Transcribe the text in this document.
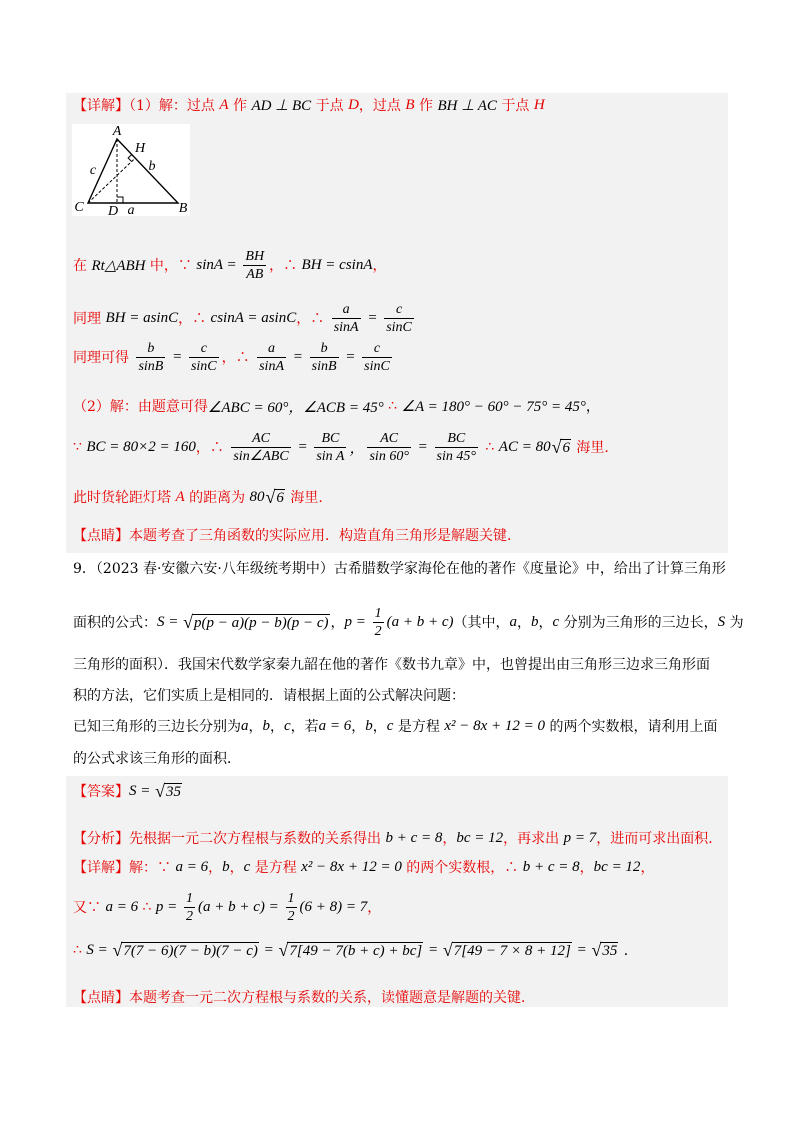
【详解】（1）解：过点 A 作 AD ⊥ BC 于点 D ，过点 B 作 BH ⊥ AC 于点 H
A
H
c	b
C D a	B
在 Rt△ABH 中，∵ $\sin A = \frac{BH}{AB}$ ，∴ BH = csinA ，
同理 BH = asinC ，∴ csinA = asinC ，∴ $\frac{a}{\sin A} = \frac{c}{\sin C}$
同理可得 $\frac{b}{\sin B} = \frac{c}{\sin C}$ ，∴ $\frac{a}{\sin A} = \frac{b}{\sin B} = \frac{c}{\sin C}$
（2）解：由题意可得 ∠ABC = 60°，∠ACB = 45° ∴ ∠A = 180° − 60° − 75° = 45° ，
∵ BC = 80×2 = 160 ，∴ $\frac{AC}{\text{sin∠ABC}} = \frac{BC}{\text{sin A}}$ ， $\frac{AC}{\sin 60^\circ} = \frac{BC}{\sin 45^\circ}$ ∴ AC = 80 √ 6 海里.
此时货轮距灯塔 A 的距离为 80 √ 6 海里.
【点睛】本题考查了三角函数的实际应用．构造直角三角形是解题关键．
9．（2023 春·安徽六安·八年级统考期中）古希腊数学家海伦在他的著作《度量论》中，给出了计算三角形
面积的公式： S = √ p(p − a)(p − b)(p − c) ， $p = \frac{1}{2} (a + b + c)$ （其中， a ， b ， c 分别为三角形的三边长， S 为
三角形的面积）．我国宋代数学家秦九韶在他的著作《数书九章》中，也曾提出由三角形三边求三角形面
积的方法，它们实质上是相同的．请根据上面的公式解决问题：
已知三角形的三边长分别为 a ， b ， c ，若 a = 6 ， b ， c 是方程 x² − 8x + 12 = 0 的两个实数根，请利用上面
的公式求该三角形的面积．
【答案】 S = √ 35
【分析】先根据一元二次方程根与系数的关系得出 b + c = 8 ， bc = 12 ，再求出 p = 7 ，进而可求出面积．
【详解】解：∵ a = 6 ， b ， c 是方程 x² − 8x + 12 = 0 的两个实数根，∴ b + c = 8 ， bc = 12 ，
又∵ a = 6 ∴ $p = \frac{1}{2} (a + b + c) = \frac{1}{2} (6 + 8) = 7$ ，
∴ S = √ 7(7 − 6)(7 − b)(7 − c) = √ 7[49 − 7(b + c) + bc] = √ 7[49 − 7 × 8 + 12] = √ 35 ．
【点睛】本题考查一元二次方程根与系数的关系，读懂题意是解题的关键．
